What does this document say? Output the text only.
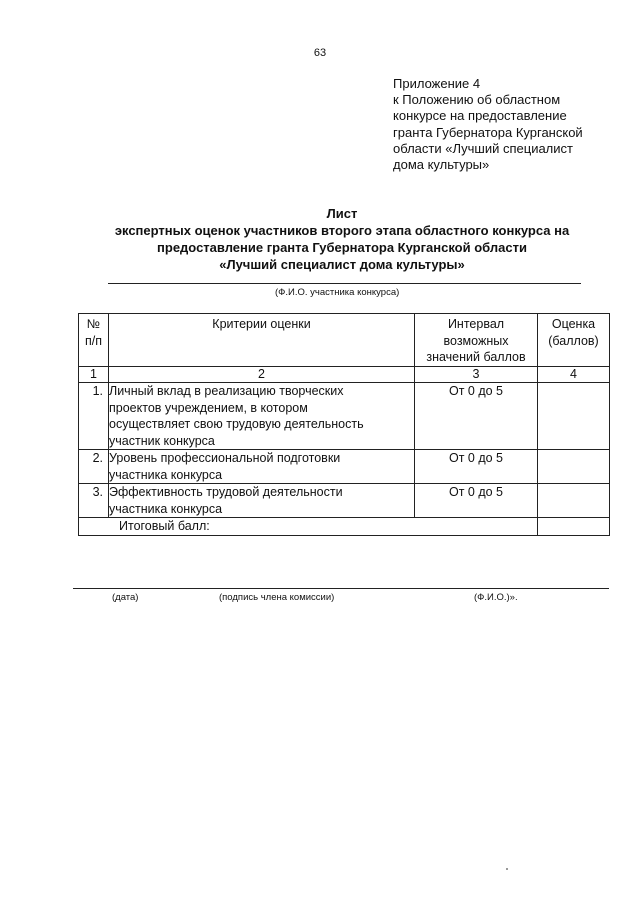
63
Приложение 4
к Положению об областном
конкурсе на предоставление
гранта Губернатора Курганской
области «Лучший специалист
дома культуры»
Лист
экспертных оценок участников второго этапа областного конкурса на
предоставление гранта Губернатора Курганской области
«Лучший специалист дома культуры»
(Ф.И.О. участника конкурса)
№ п/п	Критерии оценки	Интервал возможных значений баллов	Оценка (баллов)
1	2	3	4
1.	Личный вклад в реализацию творческих
проектов учреждением, в котором
осуществляет свою трудовую деятельность
участник конкурса	От 0 до 5	
2.	Уровень профессиональной подготовки
участника конкурса	От 0 до 5	
3.	Эффективность трудовой деятельности
участника конкурса	От 0 до 5	
Итоговый балл:			
(дата)	(подпись члена комиссии)	(Ф.И.О.)».
